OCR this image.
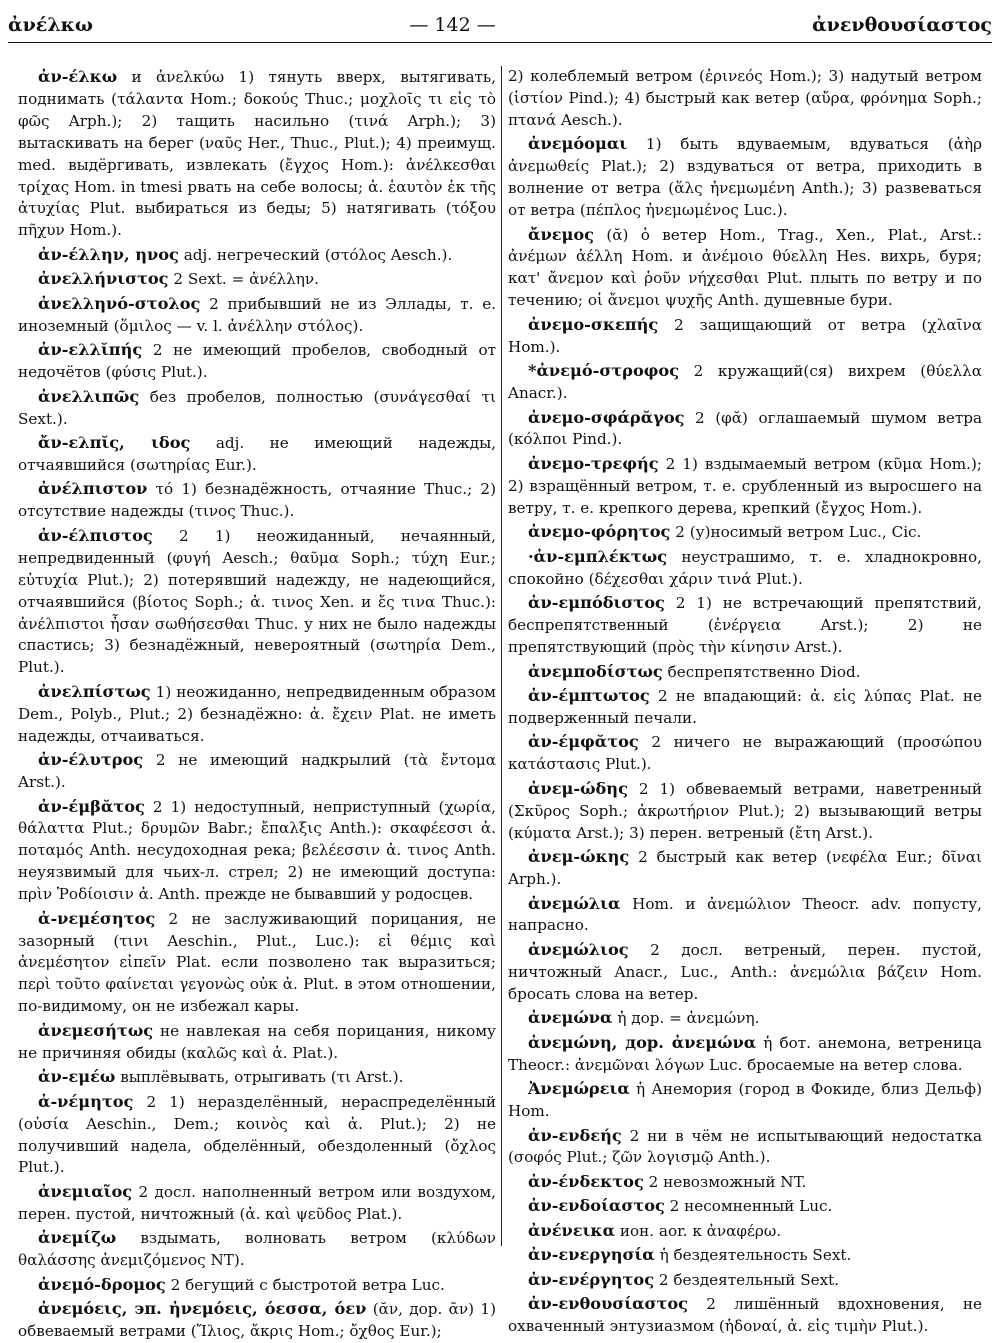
ἀνέλκω	— 142 —	ἀνενθουσίαστος

ἀν-έλκω и ἀνελκύω 1) тянуть вверх, вытягивать, поднимать (τάλαντα Hom.; δοκούς Thuc.; μοχλοῖς τι εἰς τὸ φῶς Arph.); 2) тащить насильно (τινά Arph.); 3) вытаскивать на берег (ναῦς Her., Thuc., Plut.); 4) преимущ. med. выдёргивать, извлекать (ἔγχος Hom.): ἀνέλκεσθαι τρίχας Hom. in tmesi рвать на себе волосы; ἀ. ἑαυτὸν ἐκ τῆς ἀτυχίας Plut. выбираться из беды; 5) натягивать (τόξου πῆχυν Hom.).

ἀν-έλλην, ηνος adj. негреческий (στόλος Aesch.).

ἀνελλήνιστος 2 Sext. = ἀνέλλην.

ἀνελληνό-στολος 2 прибывший не из Эллады, т. е. иноземный (ὅμιλος — v. l. ἀνέλλην στόλος).

ἀν-ελλῐπής 2 не имеющий пробелов, свободный от недочётов (φύσις Plut.).

ἀνελλιπῶς без пробелов, полностью (συνάγεσθαί τι Sext.).

ἄν-ελπῐς, ιδος adj. не имеющий надежды, отчаявшийся (σωτηρίας Eur.).

ἀνέλπιστον τό 1) безнадёжность, отчаяние Thuc.; 2) отсутствие надежды (τινος Thuc.).

ἀν-έλπιστος 2 1) неожиданный, нечаянный, непредвиденный (φυγή Aesch.; θαῦμα Soph.; τύχη Eur.; εὐτυχία Plut.); 2) потерявший надежду, не надеющийся, отчаявшийся (βίοτος Soph.; ἀ. τινος Xen. и ἔς τινα Thuc.): ἀνέλπιστοι ἦσαν σωθήσεσθαι Thuc. у них не было надежды спастись; 3) безнадёжный, невероятный (σωτηρία Dem., Plut.).

ἀνελπίστως 1) неожиданно, непредвиденным образом Dem., Polyb., Plut.; 2) безнадёжно: ἀ. ἔχειν Plat. не иметь надежды, отчаиваться.

ἀν-έλυτρος 2 не имеющий надкрылий (τὰ ἔντομα Arst.).

ἀν-έμβᾰτος 2 1) недоступный, неприступный (χωρία, θάλαττα Plut.; δρυμῶν Babr.; ἔπαλξις Anth.): σκαφέεσσι ἀ. ποταμός Anth. несудоходная река; βελέεσσιν ἀ. τινος Anth. неуязвимый для чьих-л. стрел; 2) не имеющий доступа: πρὶν Ῥοδίοισιν ἀ. Anth. прежде не бывавший у родосцев.

ἀ-νεμέσητος 2 не заслуживающий порицания, не зазорный (τινι Aeschin., Plut., Luc.): εἰ θέμις καὶ ἀνεμέσητον εἰπεῖν Plat. если позволено так выразиться; περὶ τοῦτο φαίνεται γεγονὼς οὐκ ἀ. Plut. в этом отношении, по-видимому, он не избежал кары.

ἀνεμεσήτως не навлекая на себя порицания, никому не причиняя обиды (καλῶς καὶ ἀ. Plat.).

ἀν-εμέω выплёвывать, отрыгивать (τι Arst.).

ἀ-νέμητος 2 1) неразделённый, нераспределённый (οὐσία Aeschin., Dem.; κοινὸς καὶ ἀ. Plut.); 2) не получивший надела, обделённый, обездоленный (ὄχλος Plut.).

ἀνεμιαῖος 2 досл. наполненный ветром или воздухом, перен. пустой, ничтожный (ἀ. καὶ ψεῦδος Plat.).

ἀνεμίζω вздымать, волновать ветром (κλύδων θαλάσσης ἀνεμιζόμενος NT).

ἀνεμό-δρομος 2 бегущий с быстротой ветра Luc.

ἀνεμόεις, эп. ἠνεμόεις, όεσσα, όεν (ᾰν, дор. ᾱν) 1) обвеваемый ветрами (Ἴλιος, ἄκρις Hom.; ὄχθος Eur.);

2) колеблемый ветром (ἐρινεός Hom.); 3) надутый ветром (ἱστίον Pind.); 4) быстрый как ветер (αὔρα, φρόνημα Soph.; πτανά Aesch.).

ἀνεμόομαι 1) быть вдуваемым, вдуваться (ἀὴρ ἀνεμωθείς Plat.); 2) вздуваться от ветра, приходить в волнение от ветра (ἅλς ἠνεμωμένη Anth.); 3) развеваться от ветра (πέπλος ἠνεμωμένος Luc.).

ἄνεμος (ᾰ) ὁ ветер Hom., Trag., Xen., Plat., Arst.: ἀνέμων ἀέλλη Hom. и ἀνέμοιο θύελλη Hes. вихрь, буря; κατ' ἄνεμον καὶ ῥοῦν νήχεσθαι Plut. плыть по ветру и по течению; οἱ ἄνεμοι ψυχῆς Anth. душевные бури.

ἀνεμο-σκεπής 2 защищающий от ветра (χλαῖνα Hom.).

*ἀνεμό-στροφος 2 кружащий(ся) вихрем (θύελλα Anacr.).

ἀνεμο-σφάρᾰγος 2 (φᾰ) оглашаемый шумом ветра (κόλποι Pind.).

ἀνεμο-τρεφής 2 1) вздымаемый ветром (κῦμα Hom.); 2) взращённый ветром, т. е. срубленный из выросшего на ветру, т. е. крепкого дерева, крепкий (ἔγχος Hom.).

ἀνεμο-φόρητος 2 (у)носимый ветром Luc., Cic.

·ἀν-εμπλέκτως неустрашимо, т. е. хладнокровно, спокойно (δέχεσθαι χάριν τινά Plut.).

ἀν-εμπόδιστος 2 1) не встречающий препятствий, беспрепятственный (ἐνέργεια Arst.); 2) не препятствующий (πρὸς τὴν κίνησιν Arst.).

ἀνεμποδίστως беспрепятственно Diod.

ἀν-έμπτωτος 2 не впадающий: ἀ. εἰς λύπας Plat. не подверженный печали.

ἀν-έμφᾰτος 2 ничего не выражающий (προσώπου κατάστασις Plut.).

ἀνεμ-ώδης 2 1) обвеваемый ветрами, наветренный (Σκῦρος Soph.; ἀκρωτήριον Plut.); 2) вызывающий ветры (κύματα Arst.); 3) перен. ветреный (ἔτη Arst.).

ἀνεμ-ώκης 2 быстрый как ветер (νεφέλα Eur.; δῖναι Arph.).

ἀνεμώλια Hom. и ἀνεμώλιον Theocr. adv. попусту, напрасно.

ἀνεμώλιος 2 досл. ветреный, перен. пустой, ничтожный Anacr., Luc., Anth.: ἀνεμώλια βάζειν Hom. бросать слова на ветер.

ἀνεμώνα ἡ дор. = ἀνεμώνη.

ἀνεμώνη, дор. ἀνεμώνα ἡ бот. анемона, ветреница Theocr.: ἀνεμῶναι λόγων Luc. бросаемые на ветер слова.

Ἀνεμώρεια ἡ Анемория (город в Фокиде, близ Дельф) Hom.

ἀν-ενδεής 2 ни в чём не испытывающий недостатка (σοφός Plut.; ζῶν λογισμῷ Anth.).

ἀν-ένδεκτος 2 невозможный NT.

ἀν-ενδοίαστος 2 несомненный Luc.

ἀνένεικα ион. aor. к ἀναφέρω.

ἀν-ενεργησία ἡ бездеятельность Sext.

ἀν-ενέργητος 2 бездеятельный Sext.

ἀν-ενθουσίαστος 2 лишённый вдохновения, не охваченный энтузиазмом (ἡδοναί, ἀ. εἰς τιμὴν Plut.).
